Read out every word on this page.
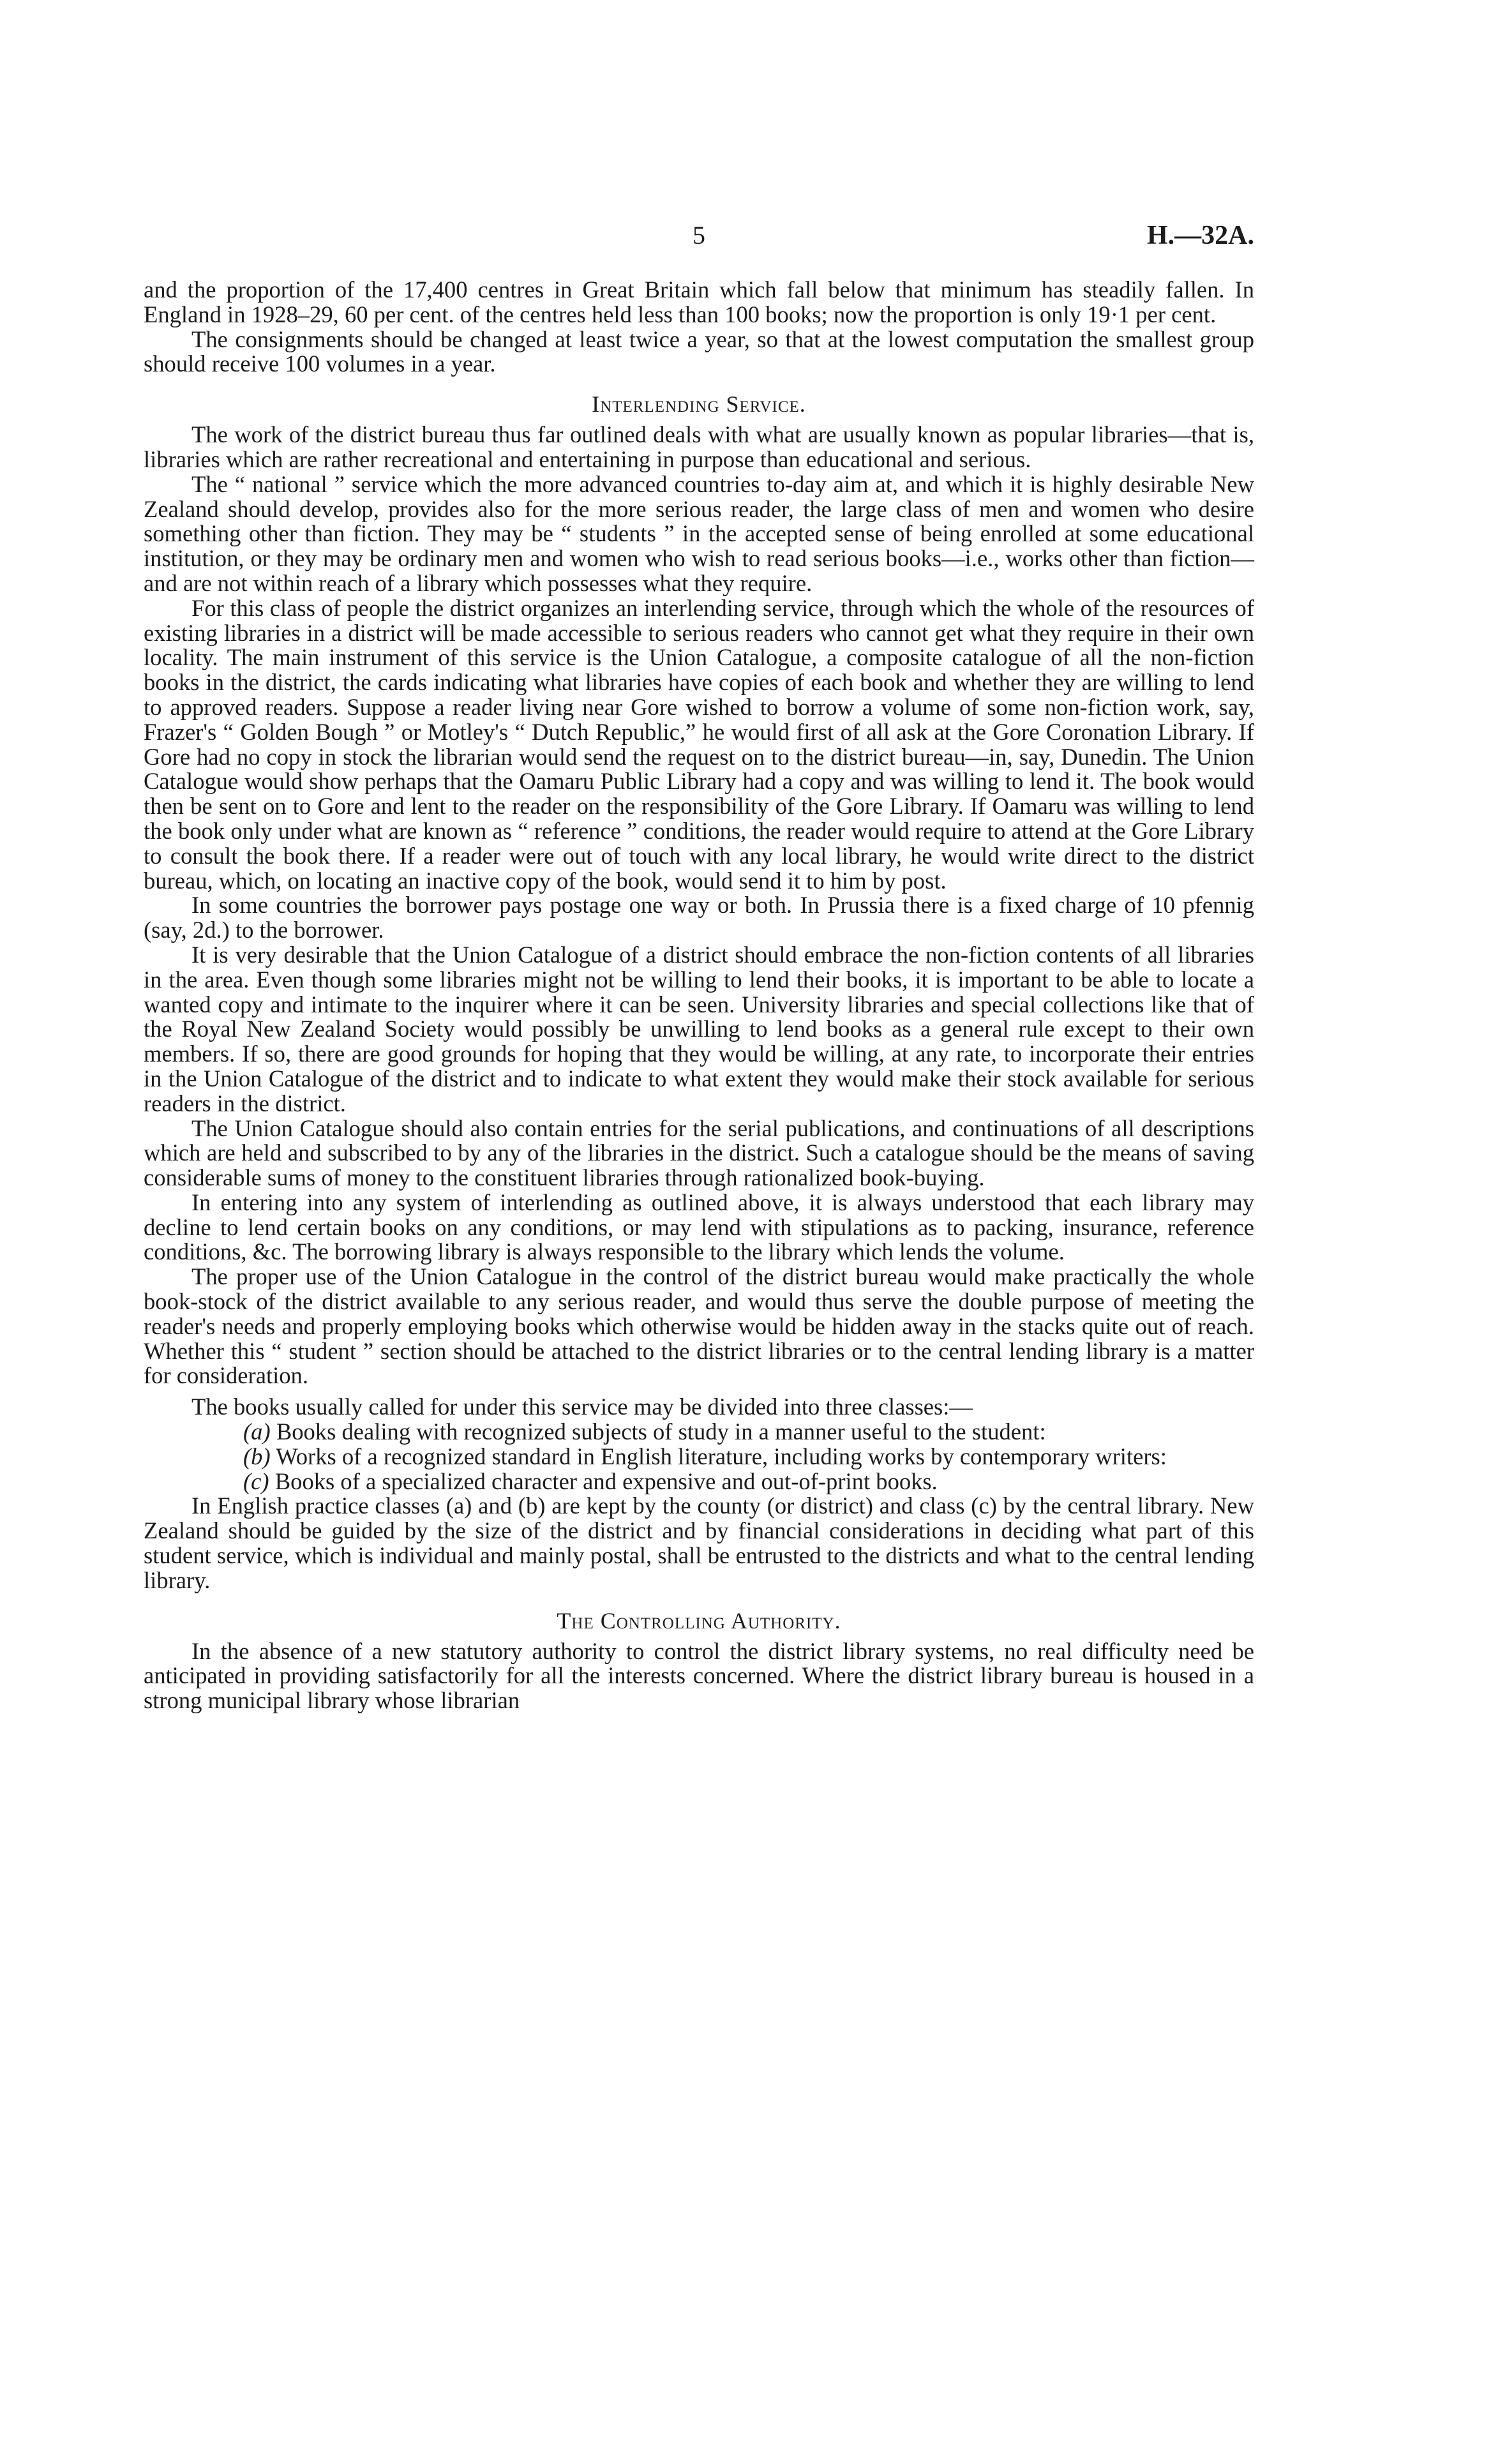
5	H.—32A.

and the proportion of the 17,400 centres in Great Britain which fall below that minimum has steadily fallen. In England in 1928–29, 60 per cent. of the centres held less than 100 books; now the proportion is only 19·1 per cent.

The consignments should be changed at least twice a year, so that at the lowest computation the smallest group should receive 100 volumes in a year.

Interlending Service.

The work of the district bureau thus far outlined deals with what are usually known as popular libraries—that is, libraries which are rather recreational and entertaining in purpose than educational and serious.

The “ national ” service which the more advanced countries to-day aim at, and which it is highly desirable New Zealand should develop, provides also for the more serious reader, the large class of men and women who desire something other than fiction. They may be “ students ” in the accepted sense of being enrolled at some educational institution, or they may be ordinary men and women who wish to read serious books—i.e., works other than fiction—and are not within reach of a library which possesses what they require.

For this class of people the district organizes an interlending service, through which the whole of the resources of existing libraries in a district will be made accessible to serious readers who cannot get what they require in their own locality. The main instrument of this service is the Union Catalogue, a composite catalogue of all the non-fiction books in the district, the cards indicating what libraries have copies of each book and whether they are willing to lend to approved readers. Suppose a reader living near Gore wished to borrow a volume of some non-fiction work, say, Frazer's “ Golden Bough ” or Motley's “ Dutch Republic,” he would first of all ask at the Gore Coronation Library. If Gore had no copy in stock the librarian would send the request on to the district bureau—in, say, Dunedin. The Union Catalogue would show perhaps that the Oamaru Public Library had a copy and was willing to lend it. The book would then be sent on to Gore and lent to the reader on the responsibility of the Gore Library. If Oamaru was willing to lend the book only under what are known as “ reference ” conditions, the reader would require to attend at the Gore Library to consult the book there. If a reader were out of touch with any local library, he would write direct to the district bureau, which, on locating an inactive copy of the book, would send it to him by post.

In some countries the borrower pays postage one way or both. In Prussia there is a fixed charge of 10 pfennig (say, 2d.) to the borrower.

It is very desirable that the Union Catalogue of a district should embrace the non-fiction contents of all libraries in the area. Even though some libraries might not be willing to lend their books, it is important to be able to locate a wanted copy and intimate to the inquirer where it can be seen. University libraries and special collections like that of the Royal New Zealand Society would possibly be unwilling to lend books as a general rule except to their own members. If so, there are good grounds for hoping that they would be willing, at any rate, to incorporate their entries in the Union Catalogue of the district and to indicate to what extent they would make their stock available for serious readers in the district.

The Union Catalogue should also contain entries for the serial publications, and continuations of all descriptions which are held and subscribed to by any of the libraries in the district. Such a catalogue should be the means of saving considerable sums of money to the constituent libraries through rationalized book-buying.

In entering into any system of interlending as outlined above, it is always understood that each library may decline to lend certain books on any conditions, or may lend with stipulations as to packing, insurance, reference conditions, &c. The borrowing library is always responsible to the library which lends the volume.

The proper use of the Union Catalogue in the control of the district bureau would make practically the whole book-stock of the district available to any serious reader, and would thus serve the double purpose of meeting the reader's needs and properly employing books which otherwise would be hidden away in the stacks quite out of reach. Whether this “ student ” section should be attached to the district libraries or to the central lending library is a matter for consideration.

The books usually called for under this service may be divided into three classes:—

(a) Books dealing with recognized subjects of study in a manner useful to the student:
(b) Works of a recognized standard in English literature, including works by contemporary writers:
(c) Books of a specialized character and expensive and out-of-print books.

In English practice classes (a) and (b) are kept by the county (or district) and class (c) by the central library. New Zealand should be guided by the size of the district and by financial considerations in deciding what part of this student service, which is individual and mainly postal, shall be entrusted to the districts and what to the central lending library.

The Controlling Authority.

In the absence of a new statutory authority to control the district library systems, no real difficulty need be anticipated in providing satisfactorily for all the interests concerned. Where the district library bureau is housed in a strong municipal library whose librarian
